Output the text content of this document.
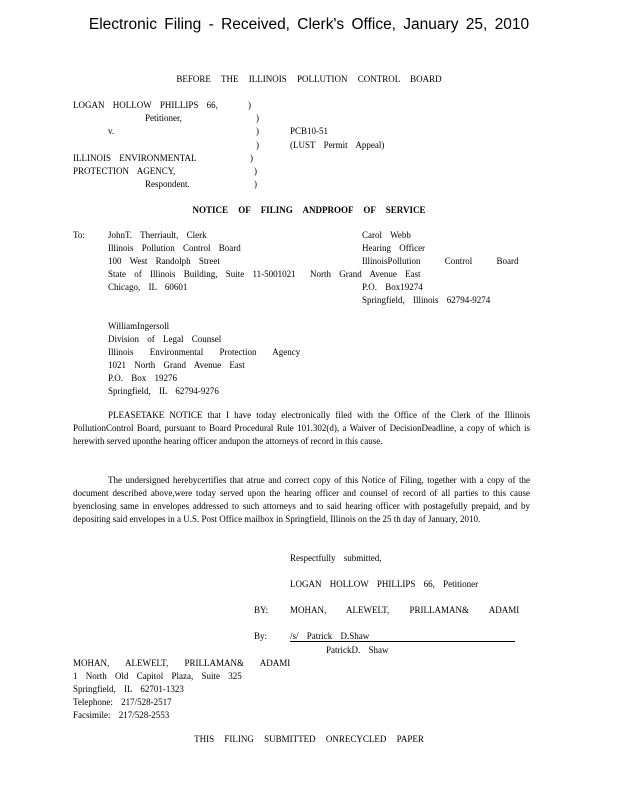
Electronic Filing - Received, Clerk's Office, January 25, 2010
BEFORE THE ILLINOIS POLLUTION CONTROL BOARD
LOGAN HOLLOW PHILLIPS 66,
Petitioner,
v.
ILLINOIS ENVIRONMENTAL
PROTECTION AGENCY,
Respondent.
)
)
)
)
)
)
)
PCB10-51
(LUST Permit Appeal)
NOTICE OF FILING ANDPROOF OF SERVICE
To:	JohnT. Therriault, Clerk
Illinois Pollution Control Board
100 West Randolph Street
State of Illinois Building, Suite 11-5001021 North Grand Avenue East
Chicago, IL 60601
Carol Webb
Hearing Officer
IllinoisPollution Control Board
P.O. Box19274
Springfield, Illinois 62794-9274
WilliamIngersoll
Division of Legal Counsel
Illinois Environmental Protection Agency
1021 North Grand Avenue East
P.O. Box 19276
Springfield, IL 62794-9276
PLEASETAKE NOTICE that I have today electronically filed with the Office of the Clerk of the Illinois PollutionControl Board, pursuant to Board Procedural Rule 101.302(d), a Waiver of DecisionDeadline, a copy of which is herewith served uponthe hearing officer andupon the attorneys of record in this cause.
The undersigned herebycertifies that atrue and correct copy of this Notice of Filing, together with a copy of the document described above,were today served upon the hearing officer and counsel of record of all parties to this cause byenclosing same in envelopes addressed to such attorneys and to said hearing officer with postagefully prepaid, and by depositing said envelopes in a U.S. Post Office mailbox in Springfield, Illinois on the 25 th day of January, 2010.
Respectfully submitted,
LOGAN HOLLOW PHILLIPS 66, Petitioner
BY: MOHAN, ALEWELT, PRILLAMAN& ADAMI
By:	/s/ Patrick D.Shaw
PatrickD. Shaw
MOHAN, ALEWELT, PRILLAMAN& ADAMI
1 North Old Capitol Plaza, Suite 325
Springfield, IL 62701-1323
Telephone: 217/528-2517
Facsimile: 217/528-2553
THIS FILING SUBMITTED ONRECYCLED PAPER
